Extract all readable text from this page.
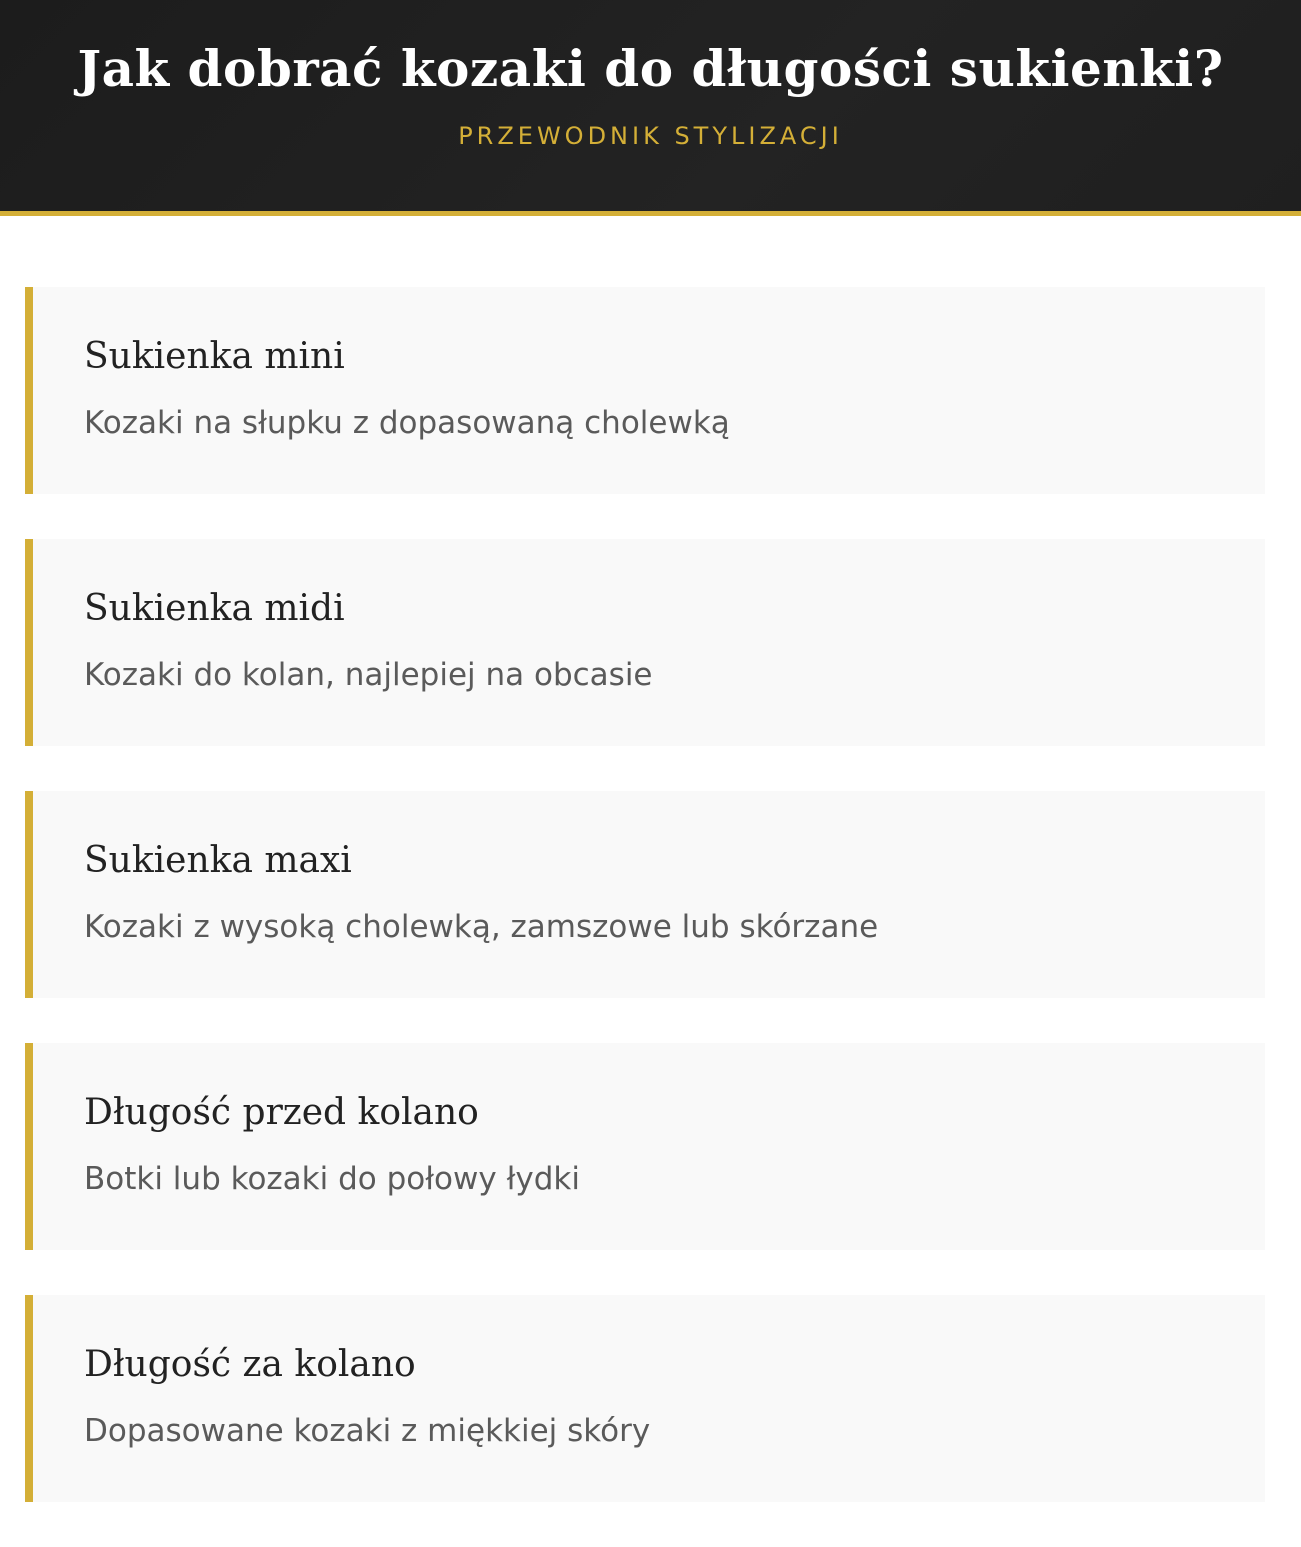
Jak dobrać kozaki do długości sukienki?

PRZEWODNIK STYLIZACJI

Sukienka mini

Kozaki na słupku z dopasowaną cholewką

Sukienka midi

Kozaki do kolan, najlepiej na obcasie

Sukienka maxi

Kozaki z wysoką cholewką, zamszowe lub skórzane

Długość przed kolano

Botki lub kozaki do połowy łydki

Długość za kolano

Dopasowane kozaki z miękkiej skóry
